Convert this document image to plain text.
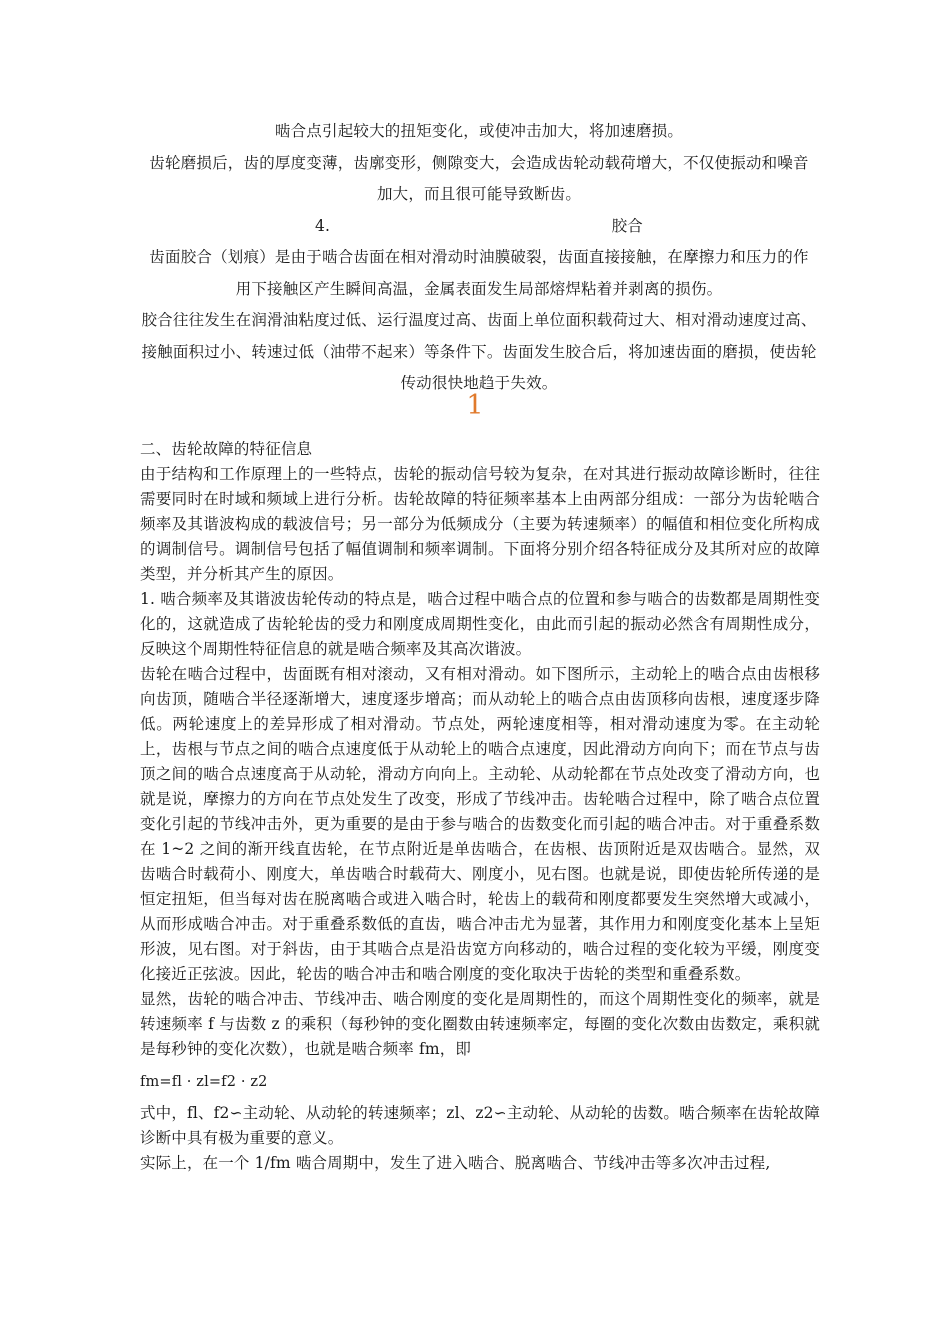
啮合点引起较大的扭矩变化，或使冲击加大，将加速磨损。

齿轮磨损后，齿的厚度变薄，齿廓变形，侧隙变大，会造成齿轮动载荷增大，不仅使振动和噪音加大，而且很可能导致断齿。

4.	胶合

齿面胶合（划痕）是由于啮合齿面在相对滑动时油膜破裂，齿面直接接触，在摩擦力和压力的作用下接触区产生瞬间高温，金属表面发生局部熔焊粘着并剥离的损伤。

胶合往往发生在润滑油粘度过低、运行温度过高、齿面上单位面积载荷过大、相对滑动速度过高、接触面积过小、转速过低（油带不起来）等条件下。齿面发生胶合后，将加速齿面的磨损，使齿轮传动很快地趋于失效。

1

二、齿轮故障的特征信息

由于结构和工作原理上的一些特点，齿轮的振动信号较为复杂，在对其进行振动故障诊断时，往往需要同时在时域和频域上进行分析。齿轮故障的特征频率基本上由两部分组成：一部分为齿轮啮合频率及其谐波构成的载波信号；另一部分为低频成分（主要为转速频率）的幅值和相位变化所构成的调制信号。调制信号包括了幅值调制和频率调制。下面将分别介绍各特征成分及其所对应的故障类型，并分析其产生的原因。

1. 啮合频率及其谐波齿轮传动的特点是，啮合过程中啮合点的位置和参与啮合的齿数都是周期性变化的，这就造成了齿轮轮齿的受力和刚度成周期性变化，由此而引起的振动必然含有周期性成分，反映这个周期性特征信息的就是啮合频率及其高次谐波。

齿轮在啮合过程中，齿面既有相对滚动，又有相对滑动。如下图所示，主动轮上的啮合点由齿根移向齿顶，随啮合半径逐渐增大，速度逐步增高；而从动轮上的啮合点由齿顶移向齿根，速度逐步降低。两轮速度上的差异形成了相对滑动。节点处，两轮速度相等，相对滑动速度为零。在主动轮上，齿根与节点之间的啮合点速度低于从动轮上的啮合点速度，因此滑动方向向下；而在节点与齿顶之间的啮合点速度高于从动轮，滑动方向向上。主动轮、从动轮都在节点处改变了滑动方向，也就是说，摩擦力的方向在节点处发生了改变，形成了节线冲击。齿轮啮合过程中，除了啮合点位置变化引起的节线冲击外，更为重要的是由于参与啮合的齿数变化而引起的啮合冲击。对于重叠系数在 1~2 之间的渐开线直齿轮，在节点附近是单齿啮合，在齿根、齿顶附近是双齿啮合。显然，双齿啮合时载荷小、刚度大，单齿啮合时载荷大、刚度小，见右图。也就是说，即使齿轮所传递的是恒定扭矩，但当每对齿在脱离啮合或进入啮合时，轮齿上的载荷和刚度都要发生突然增大或减小，从而形成啮合冲击。对于重叠系数低的直齿，啮合冲击尤为显著，其作用力和刚度变化基本上呈矩形波，见右图。对于斜齿，由于其啮合点是沿齿宽方向移动的，啮合过程的变化较为平缓，刚度变化接近正弦波。因此，轮齿的啮合冲击和啮合刚度的变化取决于齿轮的类型和重叠系数。

显然，齿轮的啮合冲击、节线冲击、啮合刚度的变化是周期性的，而这个周期性变化的频率，就是转速频率 f 与齿数 z 的乘积（每秒钟的变化圈数由转速频率定，每圈的变化次数由齿数定，乘积就是每秒钟的变化次数），也就是啮合频率 fm，即

fm=fl · zl=f2 · z2

式中，fl、f2∽主动轮、从动轮的转速频率；zl、z2∽主动轮、从动轮的齿数。啮合频率在齿轮故障诊断中具有极为重要的意义。

实际上，在一个 1/fm 啮合周期中，发生了进入啮合、脱离啮合、节线冲击等多次冲击过程,
